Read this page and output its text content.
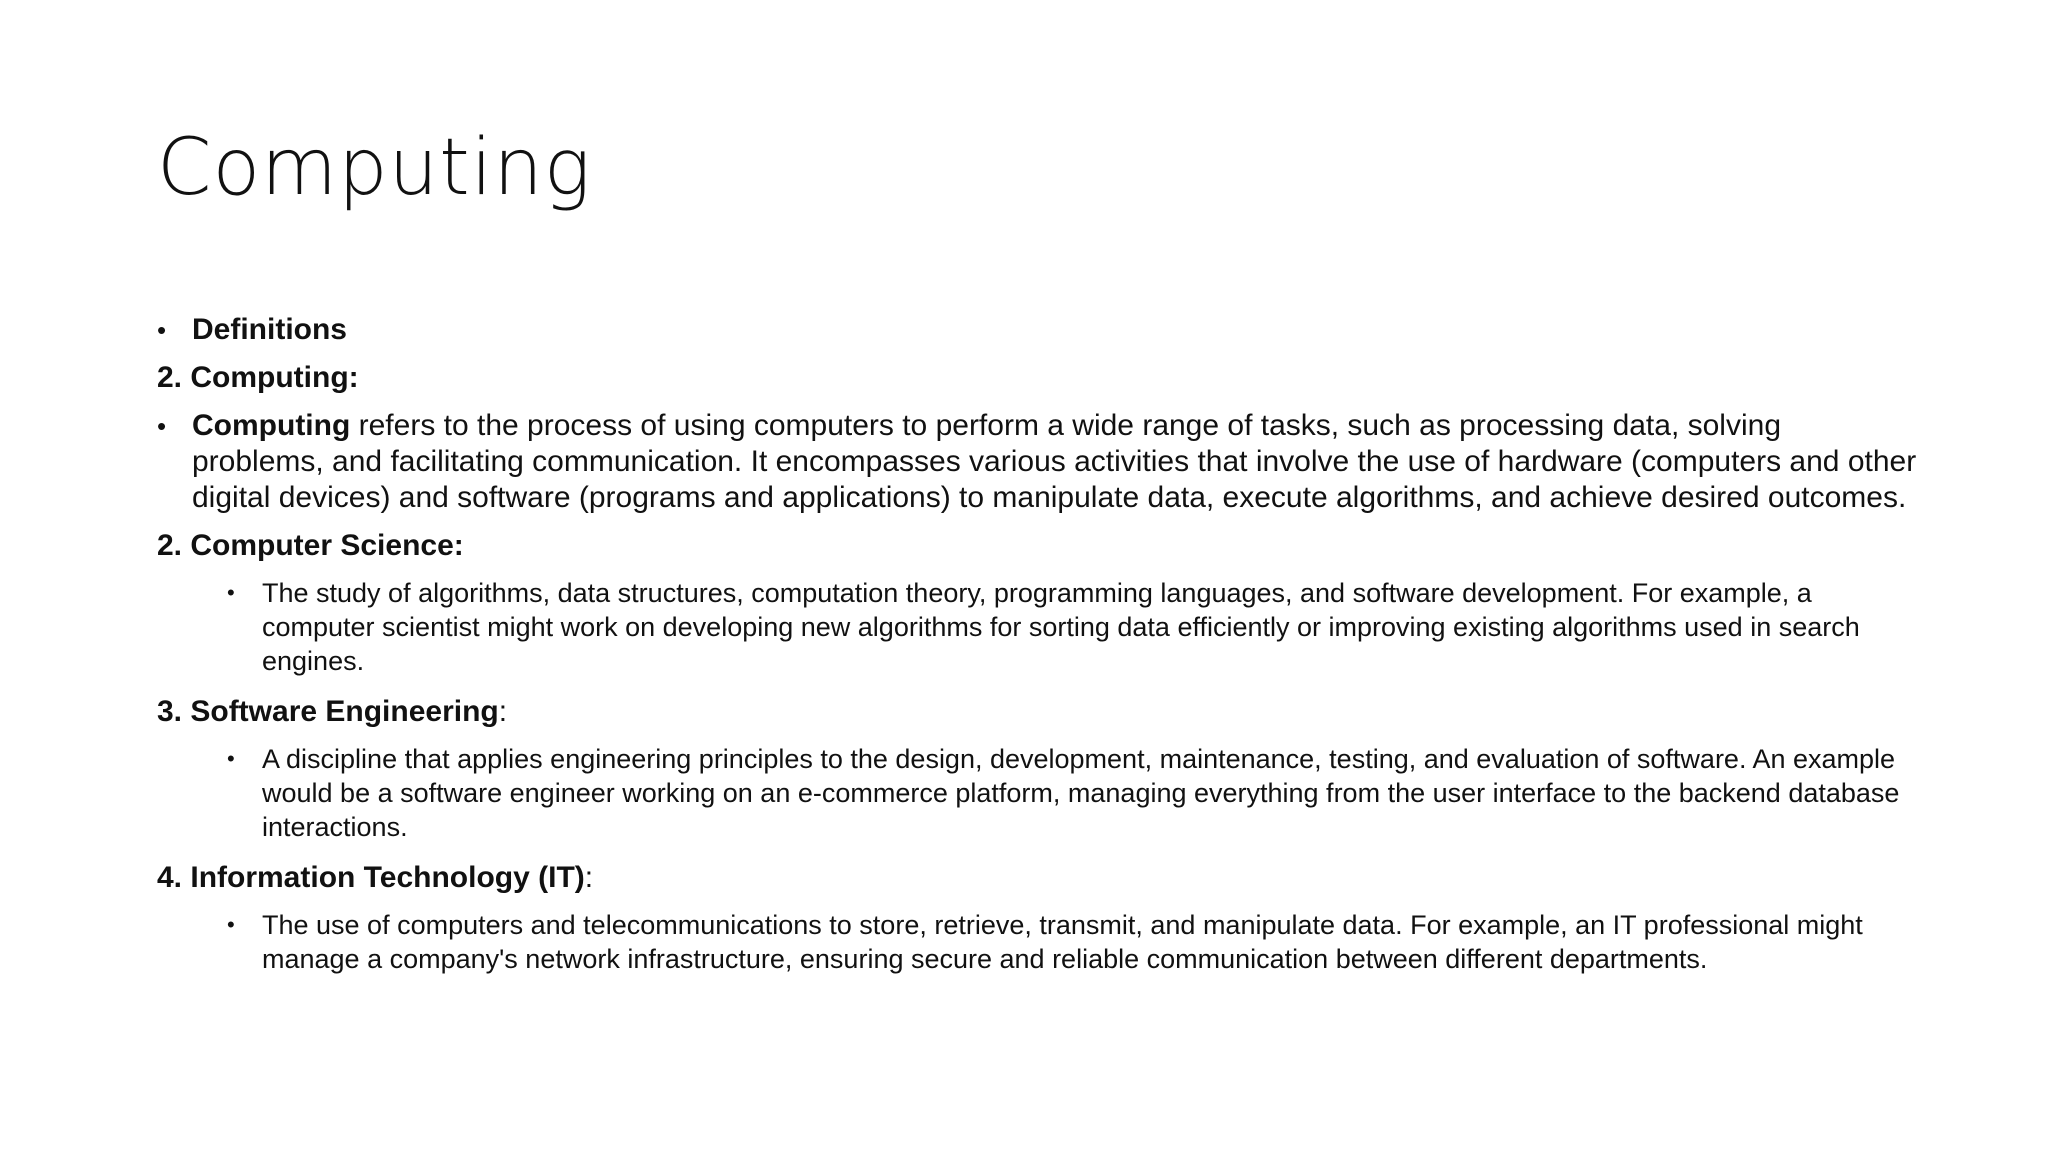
Computing
• Definitions
2. Computing:
• Computing refers to the process of using computers to perform a wide range of tasks, such as processing data, solving problems, and facilitating communication. It encompasses various activities that involve the use of hardware (computers and other digital devices) and software (programs and applications) to manipulate data, execute algorithms, and achieve desired outcomes.
2. Computer Science:
• The study of algorithms, data structures, computation theory, programming languages, and software development. For example, a computer scientist might work on developing new algorithms for sorting data efficiently or improving existing algorithms used in search engines.
3. Software Engineering:
• A discipline that applies engineering principles to the design, development, maintenance, testing, and evaluation of software. An example would be a software engineer working on an e-commerce platform, managing everything from the user interface to the backend database interactions.
4. Information Technology (IT):
• The use of computers and telecommunications to store, retrieve, transmit, and manipulate data. For example, an IT professional might manage a company's network infrastructure, ensuring secure and reliable communication between different departments.
